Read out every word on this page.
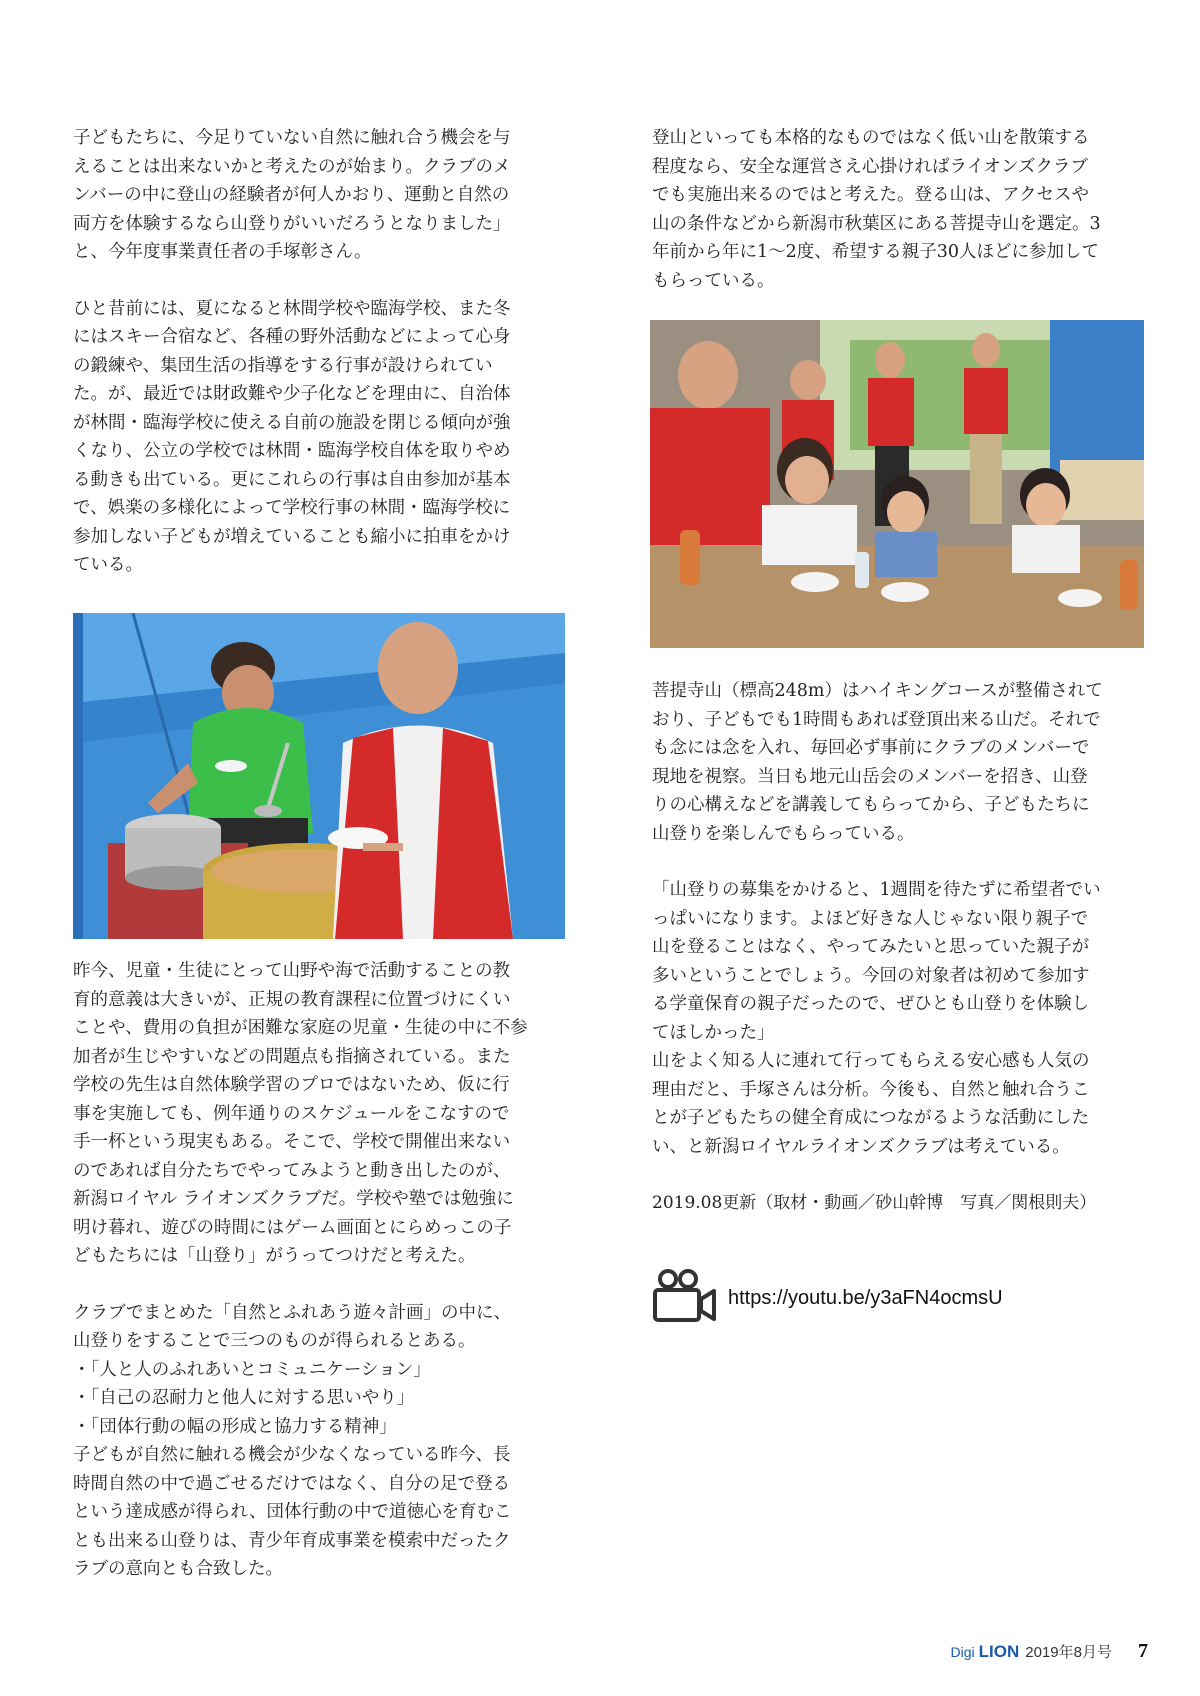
子どもたちに、今足りていない自然に触れ合う機会を与
えることは出来ないかと考えたのが始まり。クラブのメ
ンバーの中に登山の経験者が何人かおり、運動と自然の
両方を体験するなら山登りがいいだろうとなりました」
と、今年度事業責任者の手塚彰さん。

ひと昔前には、夏になると林間学校や臨海学校、また冬
にはスキー合宿など、各種の野外活動などによって心身
の鍛練や、集団生活の指導をする行事が設けられてい
た。が、最近では財政難や少子化などを理由に、自治体
が林間・臨海学校に使える自前の施設を閉じる傾向が強
くなり、公立の学校では林間・臨海学校自体を取りやめ
る動きも出ている。更にこれらの行事は自由参加が基本
で、娯楽の多様化によって学校行事の林間・臨海学校に
参加しない子どもが増えていることも縮小に拍車をかけ
ている。

昨今、児童・生徒にとって山野や海で活動することの教
育的意義は大きいが、正規の教育課程に位置づけにくい
ことや、費用の負担が困難な家庭の児童・生徒の中に不参
加者が生じやすいなどの問題点も指摘されている。また
学校の先生は自然体験学習のプロではないため、仮に行
事を実施しても、例年通りのスケジュールをこなすので
手一杯という現実もある。そこで、学校で開催出来ない
のであれば自分たちでやってみようと動き出したのが、
新潟ロイヤル ライオンズクラブだ。学校や塾では勉強に
明け暮れ、遊びの時間にはゲーム画面とにらめっこの子
どもたちには「山登り」がうってつけだと考えた。

クラブでまとめた「自然とふれあう遊々計画」の中に、
山登りをすることで三つのものが得られるとある。
・「人と人のふれあいとコミュニケーション」
・「自己の忍耐力と他人に対する思いやり」
・「団体行動の幅の形成と協力する精神」
子どもが自然に触れる機会が少なくなっている昨今、長
時間自然の中で過ごせるだけではなく、自分の足で登る
という達成感が得られ、団体行動の中で道徳心を育むこ
とも出来る山登りは、青少年育成事業を模索中だったク
ラブの意向とも合致した。

登山といっても本格的なものではなく低い山を散策する
程度なら、安全な運営さえ心掛ければライオンズクラブ
でも実施出来るのではと考えた。登る山は、アクセスや
山の条件などから新潟市秋葉区にある菩提寺山を選定。3
年前から年に1～2度、希望する親子30人ほどに参加して
もらっている。

菩提寺山（標高248m）はハイキングコースが整備されて
おり、子どもでも1時間もあれば登頂出来る山だ。それで
も念には念を入れ、毎回必ず事前にクラブのメンバーで
現地を視察。当日も地元山岳会のメンバーを招き、山登
りの心構えなどを講義してもらってから、子どもたちに
山登りを楽しんでもらっている。

「山登りの募集をかけると、1週間を待たずに希望者でい
っぱいになります。よほど好きな人じゃない限り親子で
山を登ることはなく、やってみたいと思っていた親子が
多いということでしょう。今回の対象者は初めて参加す
る学童保育の親子だったので、ぜひとも山登りを体験し
てほしかった」
山をよく知る人に連れて行ってもらえる安心感も人気の
理由だと、手塚さんは分析。今後も、自然と触れ合うこ
とが子どもたちの健全育成につながるような活動にした
い、と新潟ロイヤルライオンズクラブは考えている。

2019.08更新（取材・動画／砂山幹博　写真／関根則夫）

https://youtu.be/y3aFN4ocmsU
Digi LION 2019年8月号 7
